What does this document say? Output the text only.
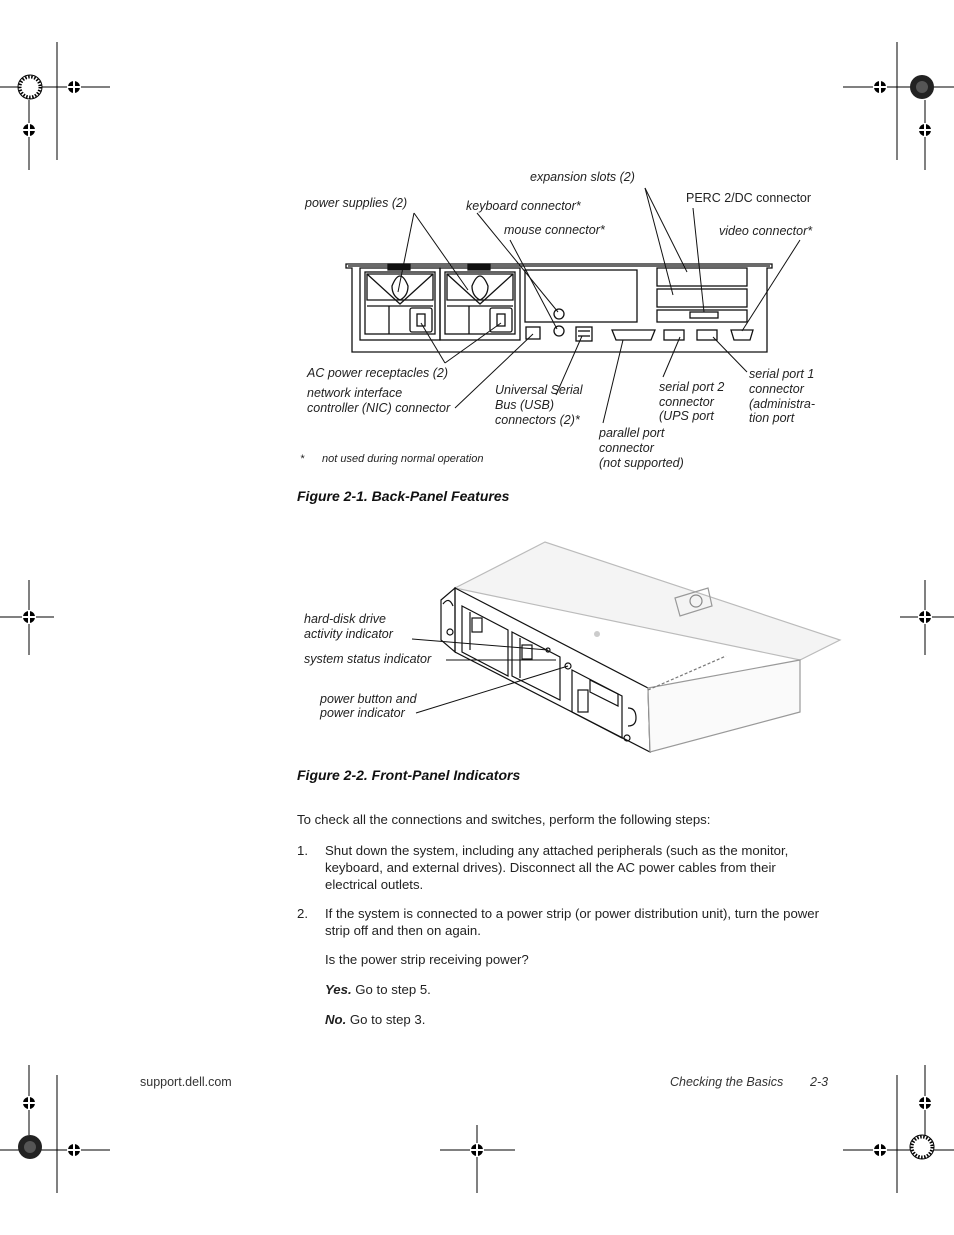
expansion slots (2)
power supplies (2)	keyboard connector*
PERC 2/DC connector
mouse connector*	video connector*
AC power receptacles (2)
network interface
controller (NIC) connector
Universal Serial
Bus (USB)
connectors (2)*
serial port 2
connector
(UPS port
serial port 1
connector
(administra-
tion port
parallel port
connector
(not supported)
* not used during normal operation
Figure 2-1. Back-Panel Features
hard-disk drive
activity indicator
system status indicator
power button and
power indicator
Figure 2-2. Front-Panel Indicators
To check all the connections and switches, perform the following steps:
1.	Shut down the system, including any attached peripherals (such as the monitor, keyboard, and external drives). Disconnect all the AC power cables from their electrical outlets.
2.	If the system is connected to a power strip (or power distribution unit), turn the power strip off and then on again.
Is the power strip receiving power?
Yes. Go to step 5.
No. Go to step 3.
support.dell.com	Checking the Basics 2-3
